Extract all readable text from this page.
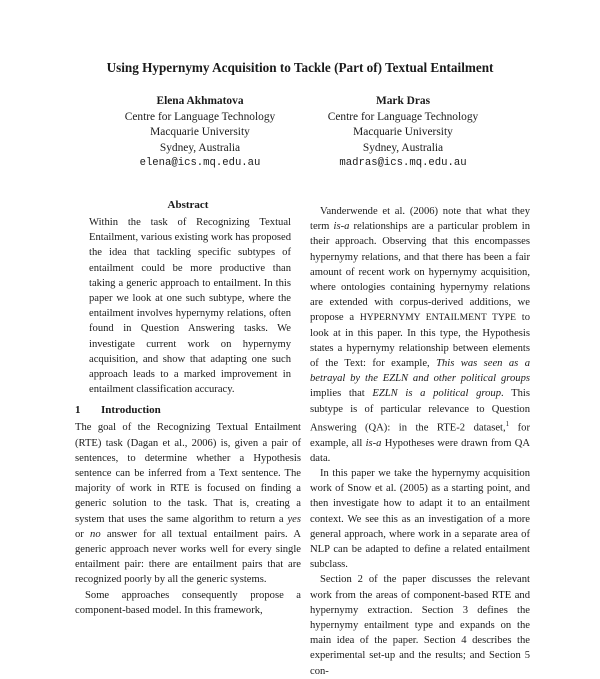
Using Hypernymy Acquisition to Tackle (Part of) Textual Entailment
Elena Akhmatova
Centre for Language Technology
Macquarie University
Sydney, Australia
elena@ics.mq.edu.au
Mark Dras
Centre for Language Technology
Macquarie University
Sydney, Australia
madras@ics.mq.edu.au
Abstract

Within the task of Recognizing Textual Entailment, various existing work has proposed the idea that tackling specific subtypes of entailment could be more productive than taking a generic approach to entailment. In this paper we look at one such subtype, where the entailment involves hypernymy relations, often found in Question Answering tasks. We investigate current work on hypernymy acquisition, and show that adapting one such approach leads to a marked improvement in entailment classification accuracy.

1 Introduction

The goal of the Recognizing Textual Entailment (RTE) task (Dagan et al., 2006) is, given a pair of sentences, to determine whether a Hypothesis sentence can be inferred from a Text sentence. The majority of work in RTE is focused on finding a generic solution to the task. That is, creating a system that uses the same algorithm to return a yes or no answer for all textual entailment pairs. A generic approach never works well for every single entailment pair: there are entailment pairs that are recognized poorly by all the generic systems.

Some approaches consequently propose a component-based model. In this framework,

Vanderwende et al. (2006) note that what they term is-a relationships are a particular problem in their approach. Observing that this encompasses hypernymy relations, and that there has been a fair amount of recent work on hypernymy acquisition, where ontologies containing hypernymy relations are extended with corpus-derived additions, we propose a HYPERNYMY ENTAILMENT TYPE to look at in this paper. In this type, the Hypothesis states a hypernymy relationship between elements of the Text: for example, This was seen as a betrayal by the EZLN and other political groups implies that EZLN is a political group. This subtype is of particular relevance to Question Answering (QA): in the RTE-2 dataset,$^1$ for example, all is-a Hypotheses were drawn from QA data.

In this paper we take the hypernymy acquisition work of Snow et al. (2005) as a starting point, and then investigate how to adapt it to an entailment context. We see this as an investigation of a more general approach, where work in a separate area of NLP can be adapted to define a related entailment subclass.

Section 2 of the paper discusses the relevant work from the areas of component-based RTE and hypernymy extraction. Section 3 defines the hypernymy entailment type and expands on the main idea of the paper. Section 4 describes the experimental set-up and the results; and Section 5 con-
